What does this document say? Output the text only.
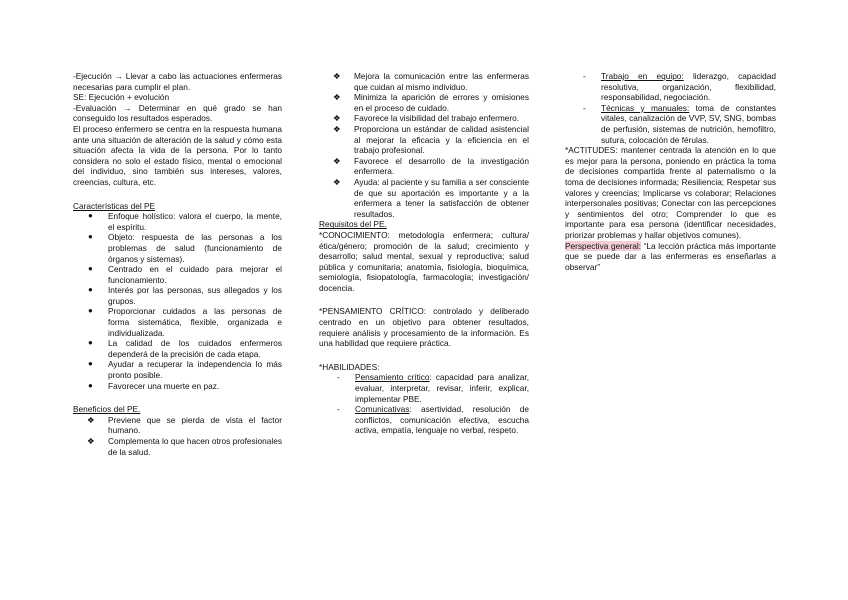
-Ejecución → Llevar a cabo las actuaciones enfermeras necesarias para cumplir el plan.

SE: Ejecución + evolución

-Evaluación → Determinar en qué grado se han conseguido los resultados esperados.

El proceso enfermero se centra en la respuesta humana ante una situación de alteración de la salud y cómo esta situación afecta la vida de la persona. Por lo tanto considera no solo el estado físico, mental o emocional del individuo, sino también sus intereses, valores, creencias, cultura, etc.

Características del PE

● Enfoque holístico: valora el cuerpo, la mente, el espíritu.
● Objeto: respuesta de las personas a los problemas de salud (funcionamiento de órganos y sistemas).
● Centrado en el cuidado para mejorar el funcionamiento.
● Interés por las personas, sus allegados y los grupos.
● Proporcionar cuidados a las personas de forma sistemática, flexible, organizada e individualizada.
● La calidad de los cuidados enfermeros dependerá de la precisión de cada etapa.
● Ayudar a recuperar la independencia lo más pronto posible.
● Favorecer una muerte en paz.

Beneficios del PE.

❖ Previene que se pierda de vista el factor humano.
❖ Complementa lo que hacen otros profesionales de la salud.
❖ Mejora la comunicación entre las enfermeras que cuidan al mismo individuo.
❖ Minimiza la aparición de errores y omisiones en el proceso de cuidado.
❖ Favorece la visibilidad del trabajo enfermero.
❖ Proporciona un estándar de calidad asistencial al mejorar la eficacia y la eficiencia en el trabajo profesional.
❖ Favorece el desarrollo de la investigación enfermera.
❖ Ayuda: al paciente y su familia a ser consciente de que su aportación es importante y a la enfermera a tener la satisfacción de obtener resultados.

Requisitos del PE.

*CONOCIMIENTO: metodología enfermera; cultura/ética/género; promoción de la salud; crecimiento y desarrollo; salud mental, sexual y reproductiva; salud pública y comunitaria; anatomía, fisiología, bioquímica, semiología, fisiopatología, farmacología; investigación/ docencia.

*PENSAMIENTO CRÍTICO: controlado y deliberado centrado en un objetivo para obtener resultados, requiere análisis y procesamiento de la información. Es una habilidad que requiere práctica.

*HABILIDADES:

- Pensamiento crítico: capacidad para analizar, evaluar, interpretar, revisar, inferir, explicar, implementar PBE.
- Comunicativas: asertividad, resolución de conflictos, comunicación efectiva, escucha activa, empatía, lenguaje no verbal, respeto.
- Trabajo en equipo: liderazgo, capacidad resolutiva, organización, flexibilidad, responsabilidad, negociación.
- Técnicas y manuales: toma de constantes vitales, canalización de VVP, SV, SNG, bombas de perfusión, sistemas de nutrición, hemofiltro, sutura, colocación de férulas.

*ACTITUDES: mantener centrada la atención en lo que es mejor para la persona, poniendo en práctica la toma de decisiones compartida frente al paternalismo o la toma de decisiones informada; Resiliencia; Respetar sus valores y creencias; Implicarse vs colaborar; Relaciones interpersonales positivas; Conectar con las percepciones y sentimientos del otro; Comprender lo que es importante para esa persona (identificar necesidades, priorizar problemas y hallar objetivos comunes).

Perspectiva general: “La lección práctica más importante que se puede dar a las enfermeras es enseñarlas a observar”
